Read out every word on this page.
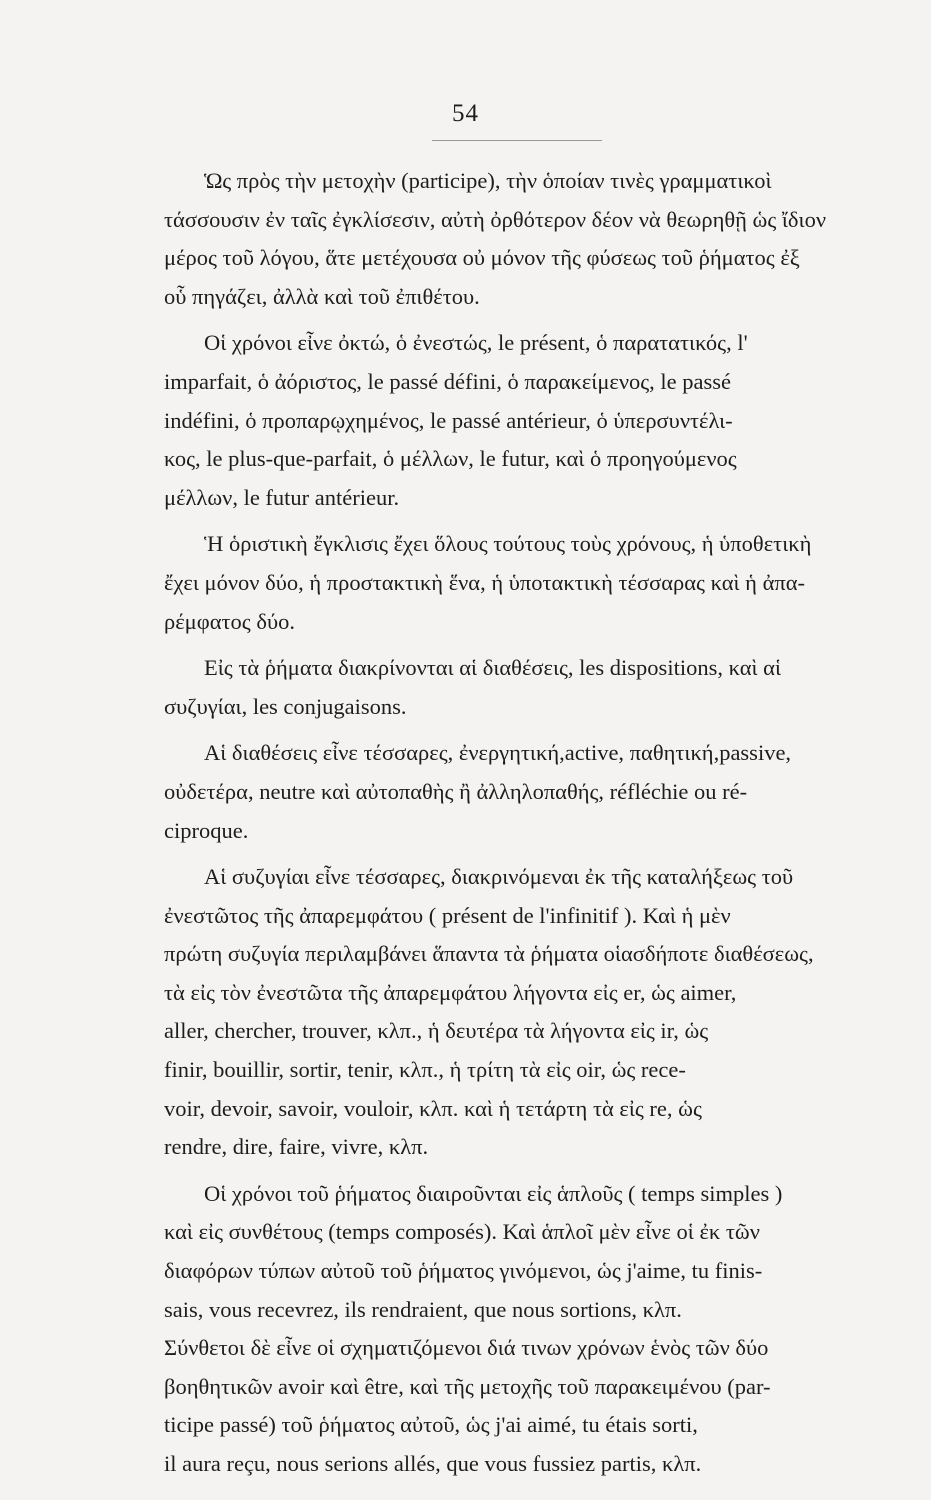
54
Ὡς πρὸς τὴν μετοχὴν (participe), τὴν ὁποίαν τινὲς γραμματικοὶ
τάσσουσιν ἐν ταῖς ἐγκλίσεσιν, αὐτὴ ὀρθότερον δέον νὰ θεωρηθῇ ὡς ἴδιον
μέρος τοῦ λόγου, ἅτε μετέχουσα οὐ μόνον τῆς φύσεως τοῦ ῥήματος ἐξ
οὗ πηγάζει, ἀλλὰ καὶ τοῦ ἐπιθέτου.
Οἱ χρόνοι εἶνε ὀκτώ, ὁ ἐνεστώς, le présent, ὁ παρατατικός, l'
imparfait, ὁ ἀόριστος, le passé défini, ὁ παρακείμενος, le passé
indéfini, ὁ προπαρῳχημένος, le passé antérieur, ὁ ὑπερσυντέλι-
κος, le plus-que-parfait, ὁ μέλλων, le futur, καὶ ὁ προηγούμενος
μέλλων, le futur antérieur.
Ἡ ὁριστικὴ ἔγκλισις ἔχει ὅλους τούτους τοὺς χρόνους, ἡ ὑποθετικὴ
ἔχει μόνον δύο, ἡ προστακτικὴ ἕνα, ἡ ὑποτακτικὴ τέσσαρας καὶ ἡ ἀπα-
ρέμφατος δύο.
Εἰς τὰ ῥήματα διακρίνονται αἱ διαθέσεις, les dispositions, καὶ αἱ
συζυγίαι, les conjugaisons.
Αἱ διαθέσεις εἶνε τέσσαρες, ἐνεργητική,active, παθητική,passive,
οὐδετέρα, neutre καὶ αὐτοπαθὴς ἢ ἀλληλοπαθής, réfléchie ou ré-
ciproque.
Αἱ συζυγίαι εἶνε τέσσαρες, διακρινόμεναι ἐκ τῆς καταλήξεως τοῦ
ἐνεστῶτος τῆς ἀπαρεμφάτου ( présent de l'infinitif ). Καὶ ἡ μὲν
πρώτη συζυγία περιλαμβάνει ἅπαντα τὰ ῥήματα οἱασδήποτε διαθέσεως,
τὰ εἰς τὸν ἐνεστῶτα τῆς ἀπαρεμφάτου λήγοντα εἰς er, ὡς aimer,
aller, chercher, trouver, κλπ., ἡ δευτέρα τὰ λήγοντα εἰς ir, ὡς
finir, bouillir, sortir, tenir, κλπ., ἡ τρίτη τὰ εἰς oir, ὡς rece-
voir, devoir, savoir, vouloir, κλπ. καὶ ἡ τετάρτη τὰ εἰς re, ὡς
rendre, dire, faire, vivre, κλπ.
Οἱ χρόνοι τοῦ ῥήματος διαιροῦνται εἰς ἁπλοῦς ( temps simples )
καὶ εἰς συνθέτους (temps composés). Καὶ ἁπλοῖ μὲν εἶνε οἱ ἐκ τῶν
διαφόρων τύπων αὐτοῦ τοῦ ῥήματος γινόμενοι, ὡς j'aime, tu finis-
sais, vous recevrez, ils rendraient, que nous sortions, κλπ.
Σύνθετοι δὲ εἶνε οἱ σχηματιζόμενοι διά τινων χρόνων ἑνὸς τῶν δύο
βοηθητικῶν avoir καὶ être, καὶ τῆς μετοχῆς τοῦ παρακειμένου (par-
ticipe passé) τοῦ ῥήματος αὐτοῦ, ὡς j'ai aimé, tu étais sorti,
il aura reçu, nous serions allés, que vous fussiez partis, κλπ.
